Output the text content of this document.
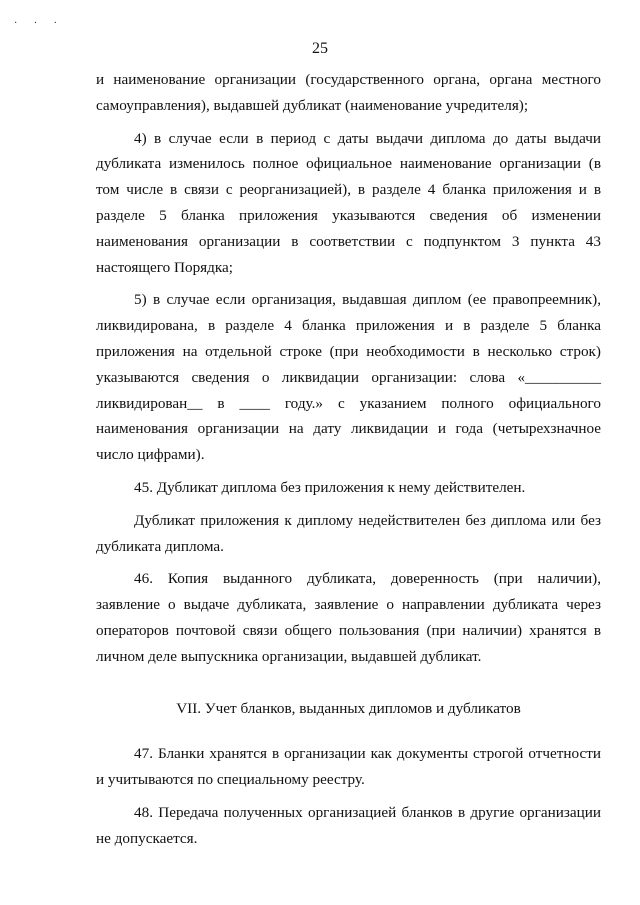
· · ·
25

и наименование организации (государственного органа, органа местного самоуправления), выдавшей дубликат (наименование учредителя);

4) в случае если в период с даты выдачи диплома до даты выдачи дубликата изменилось полное официальное наименование организации (в том числе в связи с реорганизацией), в разделе 4 бланка приложения и в разделе 5 бланка приложения указываются сведения об изменении наименования организации в соответствии с подпунктом 3 пункта 43 настоящего Порядка;

5) в случае если организация, выдавшая диплом (ее правопреемник), ликвидирована, в разделе 4 бланка приложения и в разделе 5 бланка приложения на отдельной строке (при необходимости в несколько строк) указываются сведения о ликвидации организации: слова «__________ ликвидирован__ в ____ году.» с указанием полного официального наименования организации на дату ликвидации и года (четырехзначное число цифрами).

45. Дубликат диплома без приложения к нему действителен.

Дубликат приложения к диплому недействителен без диплома или без дубликата диплома.

46. Копия выданного дубликата, доверенность (при наличии), заявление о выдаче дубликата, заявление о направлении дубликата через операторов почтовой связи общего пользования (при наличии) хранятся в личном деле выпускника организации, выдавшей дубликат.

VII. Учет бланков, выданных дипломов и дубликатов

47. Бланки хранятся в организации как документы строгой отчетности и учитываются по специальному реестру.

48. Передача полученных организацией бланков в другие организации не допускается.
